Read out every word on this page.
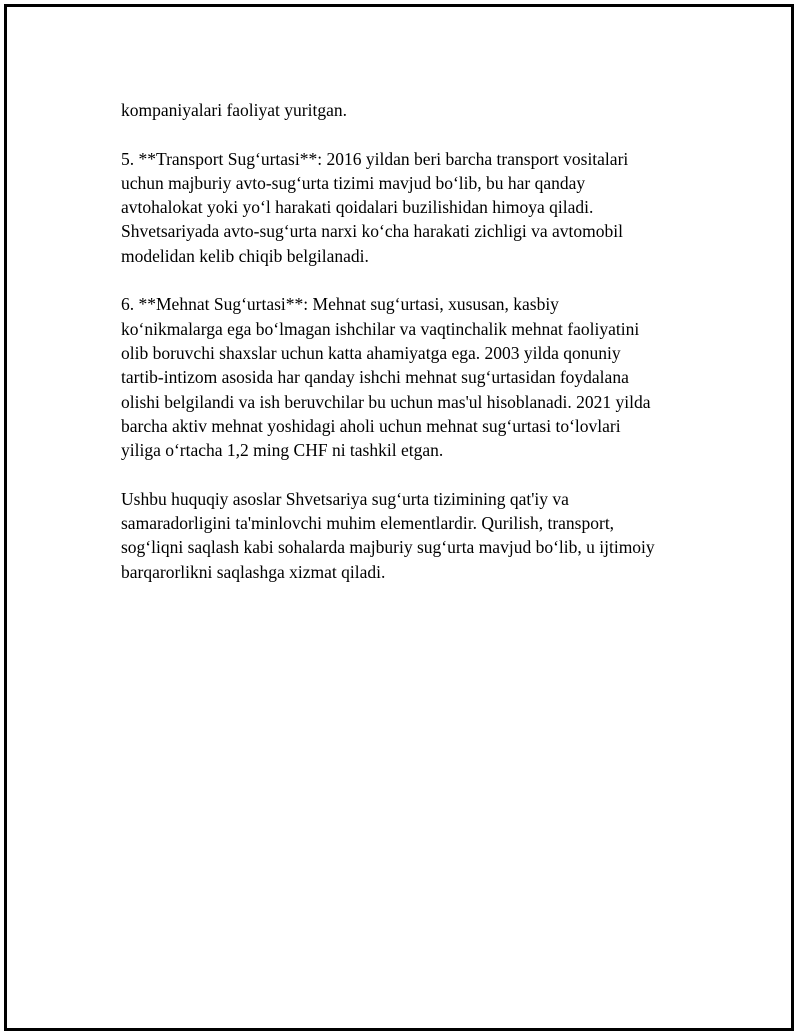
kompaniyalari faoliyat yuritgan.

5. **Transport Sug‘urtasi**: 2016 yildan beri barcha transport vositalari
uchun majburiy avto-sug‘urta tizimi mavjud bo‘lib, bu har qanday
avtohalokat yoki yo‘l harakati qoidalari buzilishidan himoya qiladi.
Shvetsariyada avto-sug‘urta narxi ko‘cha harakati zichligi va avtomobil
modelidan kelib chiqib belgilanadi.

6. **Mehnat Sug‘urtasi**: Mehnat sug‘urtasi, xususan, kasbiy
ko‘nikmalarga ega bo‘lmagan ishchilar va vaqtinchalik mehnat faoliyatini
olib boruvchi shaxslar uchun katta ahamiyatga ega. 2003 yilda qonuniy
tartib-intizom asosida har qanday ishchi mehnat sug‘urtasidan foydalana
olishi belgilandi va ish beruvchilar bu uchun mas'ul hisoblanadi. 2021 yilda
barcha aktiv mehnat yoshidagi aholi uchun mehnat sug‘urtasi to‘lovlari
yiliga o‘rtacha 1,2 ming CHF ni tashkil etgan.

Ushbu huquqiy asoslar Shvetsariya sug‘urta tizimining qat'iy va
samaradorligini ta'minlovchi muhim elementlardir. Qurilish, transport,
sog‘liqni saqlash kabi sohalarda majburiy sug‘urta mavjud bo‘lib, u ijtimoiy
barqarorlikni saqlashga xizmat qiladi.
